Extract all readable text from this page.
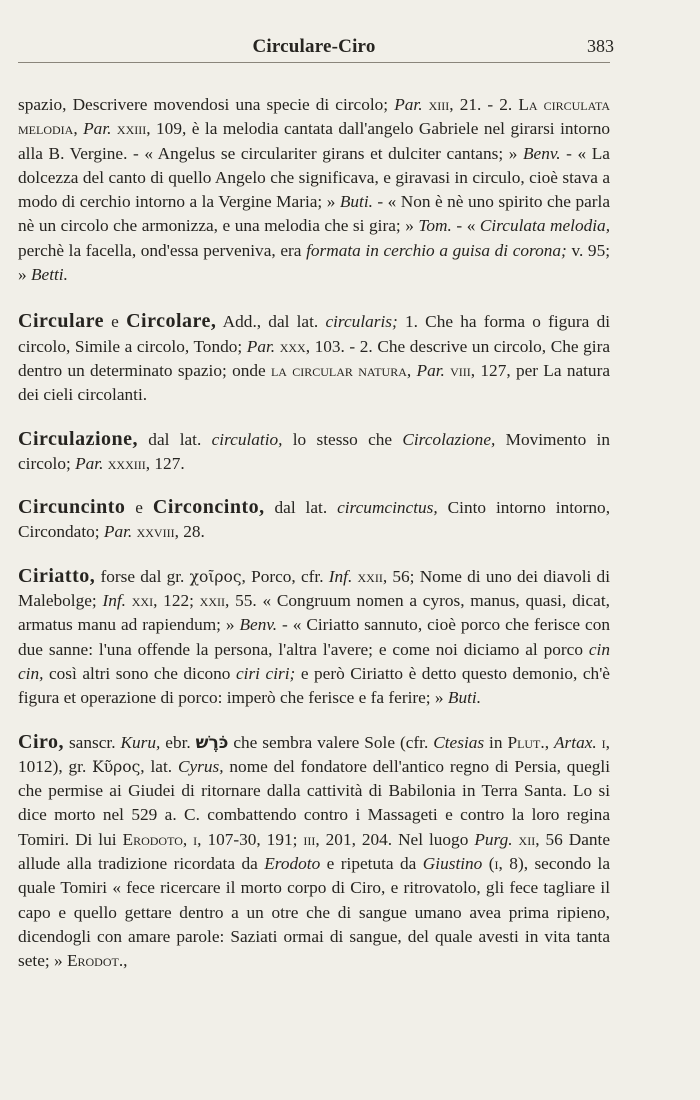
Circulare-Ciro	383

spazio, Descrivere movendosi una specie di circolo; Par. xiii, 21. - 2. La circulata melodia, Par. xxiii, 109, è la melodia cantata dall'angelo Gabriele nel girarsi intorno alla B. Vergine. - « Angelus se circulariter girans et dulciter cantans; » Benv. - « La dolcezza del canto di quello Angelo che significava, e giravasi in circulo, cioè stava a modo di cerchio intorno a la Vergine Maria; » Buti. - « Non è nè uno spirito che parla nè un circolo che armonizza, e una melodia che si gira; » Tom. - « Circulata melodia, perchè la facella, ond'essa perveniva, era formata in cerchio a guisa di corona; v. 95; » Betti.

Circulare e Circolare, Add., dal lat. circularis; 1. Che ha forma o figura di circolo, Simile a circolo, Tondo; Par. xxx, 103. - 2. Che descrive un circolo, Che gira dentro un determinato spazio; onde la circular natura, Par. viii, 127, per La natura dei cieli circolanti.

Circulazione, dal lat. circulatio, lo stesso che Circolazione, Movimento in circolo; Par. xxxiii, 127.

Circuncinto e Circoncinto, dal lat. circumcinctus, Cinto intorno intorno, Circondato; Par. xxviii, 28.

Ciriatto, forse dal gr. χοῖρος, Porco, cfr. Inf. xxii, 56; Nome di uno dei diavoli di Malebolge; Inf. xxi, 122; xxii, 55. « Congruum nomen a cyros, manus, quasi, dicat, armatus manu ad rapiendum; » Benv. - « Ciriatto sannuto, cioè porco che ferisce con due sanne: l'una offende la persona, l'altra l'avere; e come noi diciamo al porco cin cin, così altri sono che dicono ciri ciri; e però Ciriatto è detto questo demonio, ch'è figura et operazione di porco: imperò che ferisce e fa ferire; » Buti.

Ciro, sanscr. Kuru, ebr. כֹּרֶשׁ che sembra valere Sole (cfr. Ctesias in Plut., Artax. i, 1012), gr. Κῦρος, lat. Cyrus, nome del fondatore dell'antico regno di Persia, quegli che permise ai Giudei di ritornare dalla cattività di Babilonia in Terra Santa. Lo si dice morto nel 529 a. C. combattendo contro i Massageti e contro la loro regina Tomiri. Di lui Erodoto, i, 107-30, 191; iii, 201, 204. Nel luogo Purg. xii, 56 Dante allude alla tradizione ricordata da Erodoto e ripetuta da Giustino (i, 8), secondo la quale Tomiri « fece ricercare il morto corpo di Ciro, e ritrovatolo, gli fece tagliare il capo e quello gettare dentro a un otre che di sangue umano avea prima ripieno, dicendogli con amare parole: Saziati ormai di sangue, del quale avesti in vita tanta sete; » Erodot.,
